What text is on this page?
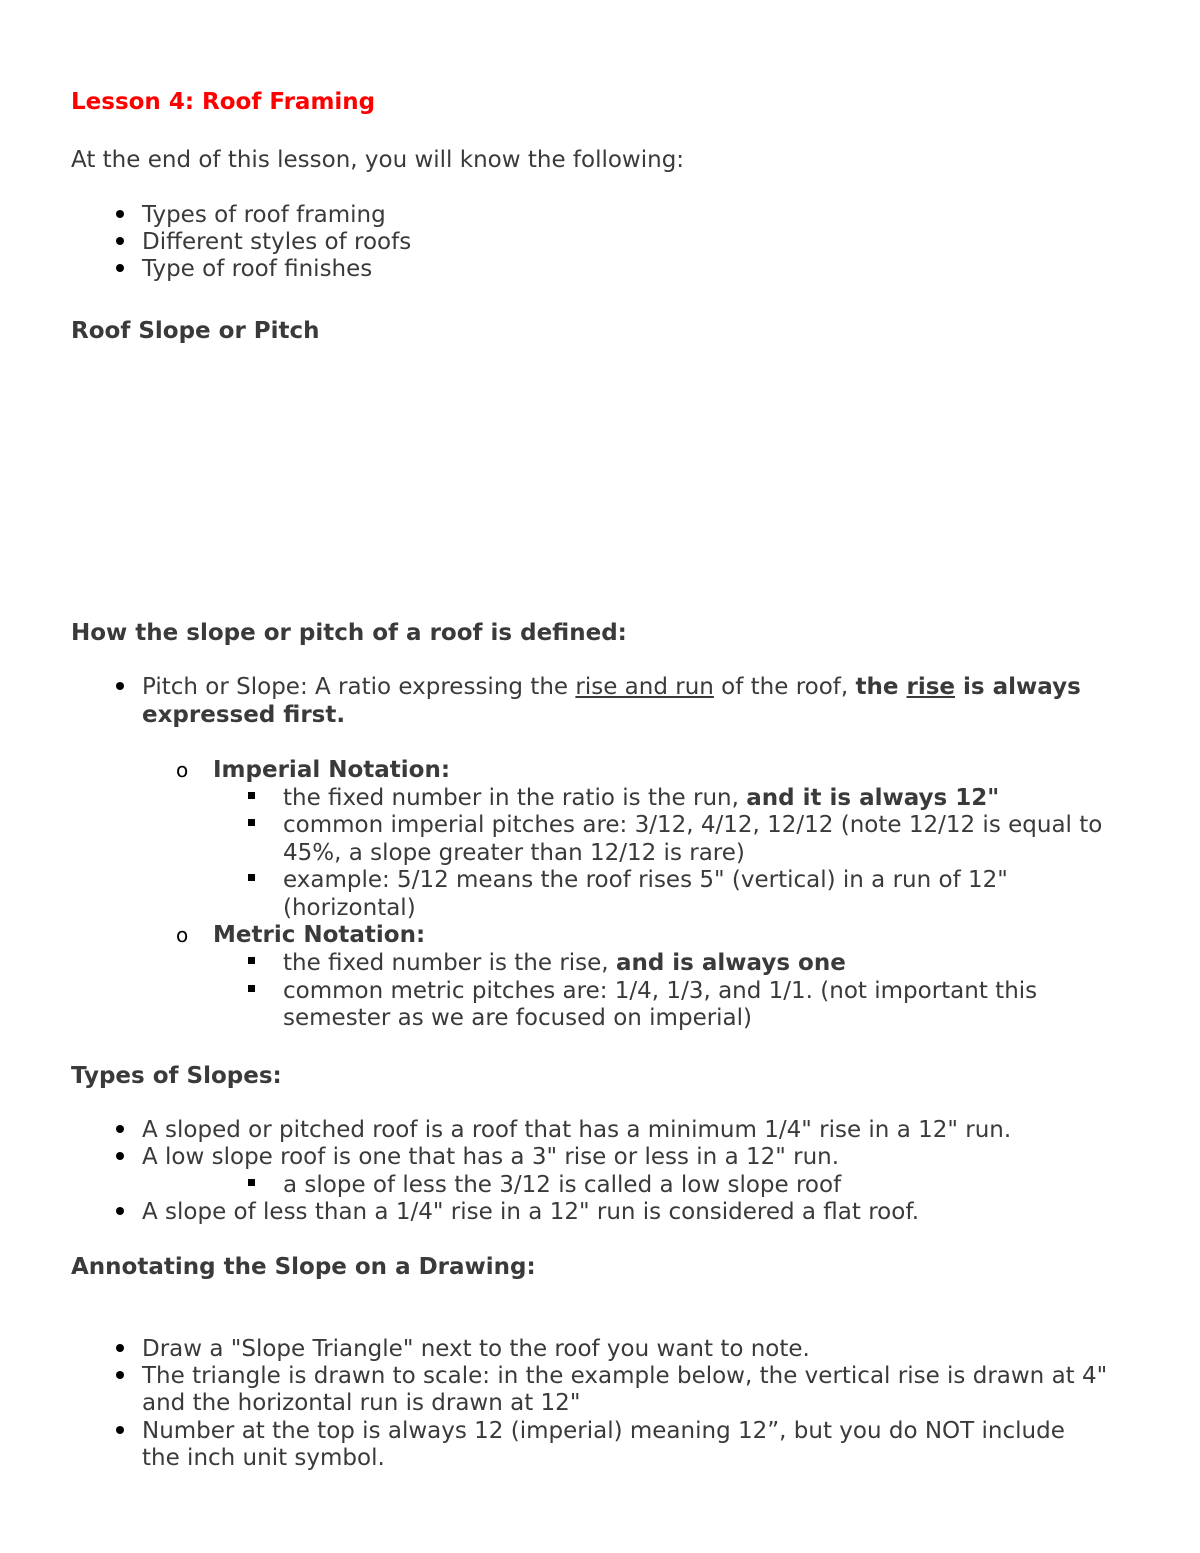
Lesson 4: Roof Framing
At the end of this lesson, you will know the following:
Types of roof framing
Different styles of roofs
Type of roof finishes
Roof Slope or Pitch
How the slope or pitch of a roof is defined:
Pitch or Slope: A ratio expressing the rise and run of the roof, the rise is always
expressed first.
o Imperial Notation:
the fixed number in the ratio is the run, and it is always 12"
common imperial pitches are: 3/12, 4/12, 12/12 (note 12/12 is equal to
45%, a slope greater than 12/12 is rare)
example: 5/12 means the roof rises 5" (vertical) in a run of 12"
(horizontal)
o Metric Notation:
the fixed number is the rise, and is always one
common metric pitches are: 1/4, 1/3, and 1/1. (not important this
semester as we are focused on imperial)
Types of Slopes:
A sloped or pitched roof is a roof that has a minimum 1/4" rise in a 12" run.
A low slope roof is one that has a 3" rise or less in a 12" run.
a slope of less the 3/12 is called a low slope roof
A slope of less than a 1/4" rise in a 12" run is considered a flat roof.
Annotating the Slope on a Drawing:
Draw a "Slope Triangle" next to the roof you want to note.
The triangle is drawn to scale: in the example below, the vertical rise is drawn at 4"
and the horizontal run is drawn at 12"
Number at the top is always 12 (imperial) meaning 12”, but you do NOT include
the inch unit symbol.
